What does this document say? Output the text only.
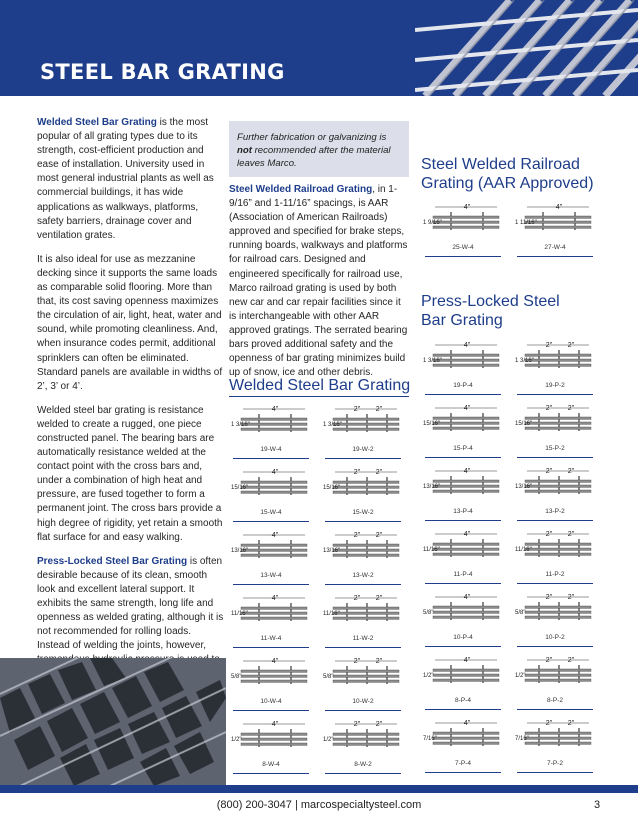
STEEL BAR GRATING

Welded Steel Bar Grating is the most popular of all grating types due to its strength, cost-efficient production and ease of installation. University used in most general industrial plants as well as commercial buildings, it has wide applications as walkways, platforms, safety barriers, drainage cover and ventilation grates.

It is also ideal for use as mezzanine decking since it supports the same loads as comparable solid flooring. More than that, its cost saving openness maximizes the circulation of air, light, heat, water and sound, while promoting cleanliness. And, when insurance codes permit, additional sprinklers can often be eliminated. Standard panels are available in widths of 2’, 3’ or 4’.

Welded steel bar grating is resistance welded to create a rugged, one piece constructed panel. The bearing bars are automatically resistance welded at the contact point with the cross bars and, under a combination of high heat and pressure, are fused together to form a permanent joint. The cross bars provide a high degree of rigidity, yet retain a smooth flat surface for and easy walking.

Press-Locked Steel Bar Grating is often desirable because of its clean, smooth look and excellent lateral support. It exhibits the same strength, long life and openness as welded grating, although it is not recommended for rolling loads. Instead of welding the joints, however,

Further fabrication or galvanizing is not recommended after the material leaves Marco.

Steel Welded Railroad Grating, in 1-9/16” and 1-11/16” spacings, is AAR (Association of American Railroads) approved and specified for brake steps, running boards, walkways and platforms for railroad cars. Designed and engineered specifically for railroad use, Marco railroad grating is used by both new car and car repair facilities since it is interchangeable with other AAR approved gratings. The serrated bearing bars proved additional safety and the openness of bar grating minimizes build up of snow, ice and other debris.

Steel Welded Railroad
Grating (AAR Approved)
Press-Locked Steel
Bar Grating
Welded Steel Bar Grating
4"
1 9/16"
25-W-4
4"
1 11/16"
27-W-4
4"
1 3/16"
19-P-4
2" 2"
1 3/16"
19-P-2
4"
15/16"
15-P-4
2" 2"
15/16"
15-P-2
4"
13/16"
13-P-4
2" 2"
13/16"
13-P-2
4"
11/16"
11-P-4
2" 2"
11/16"
11-P-2
4"
5/8"
10-P-4
2" 2"
5/8"
10-P-2
4"
1/2"
8-P-4
2" 2"
1/2"
8-P-2
4"
7/16"
7-P-4
2" 2"
7/16"
7-P-2
4"
1 3/16"
19-W-4
2" 2"
1 3/16"
19-W-2
4"
15/16"
15-W-4
2" 2"
15/16"
15-W-2
4"
13/16"
13-W-4
2" 2"
13/16"
13-W-2
4"
11/16"
11-W-4
2" 2"
11/16"
11-W-2
4"
5/8"
10-W-4
2" 2"
5/8"
10-W-2
4"
1/2"
8-W-4
2" 2"
1/2"
8-W-2
(800) 200-3047 | marcospecialtysteel.com	3
